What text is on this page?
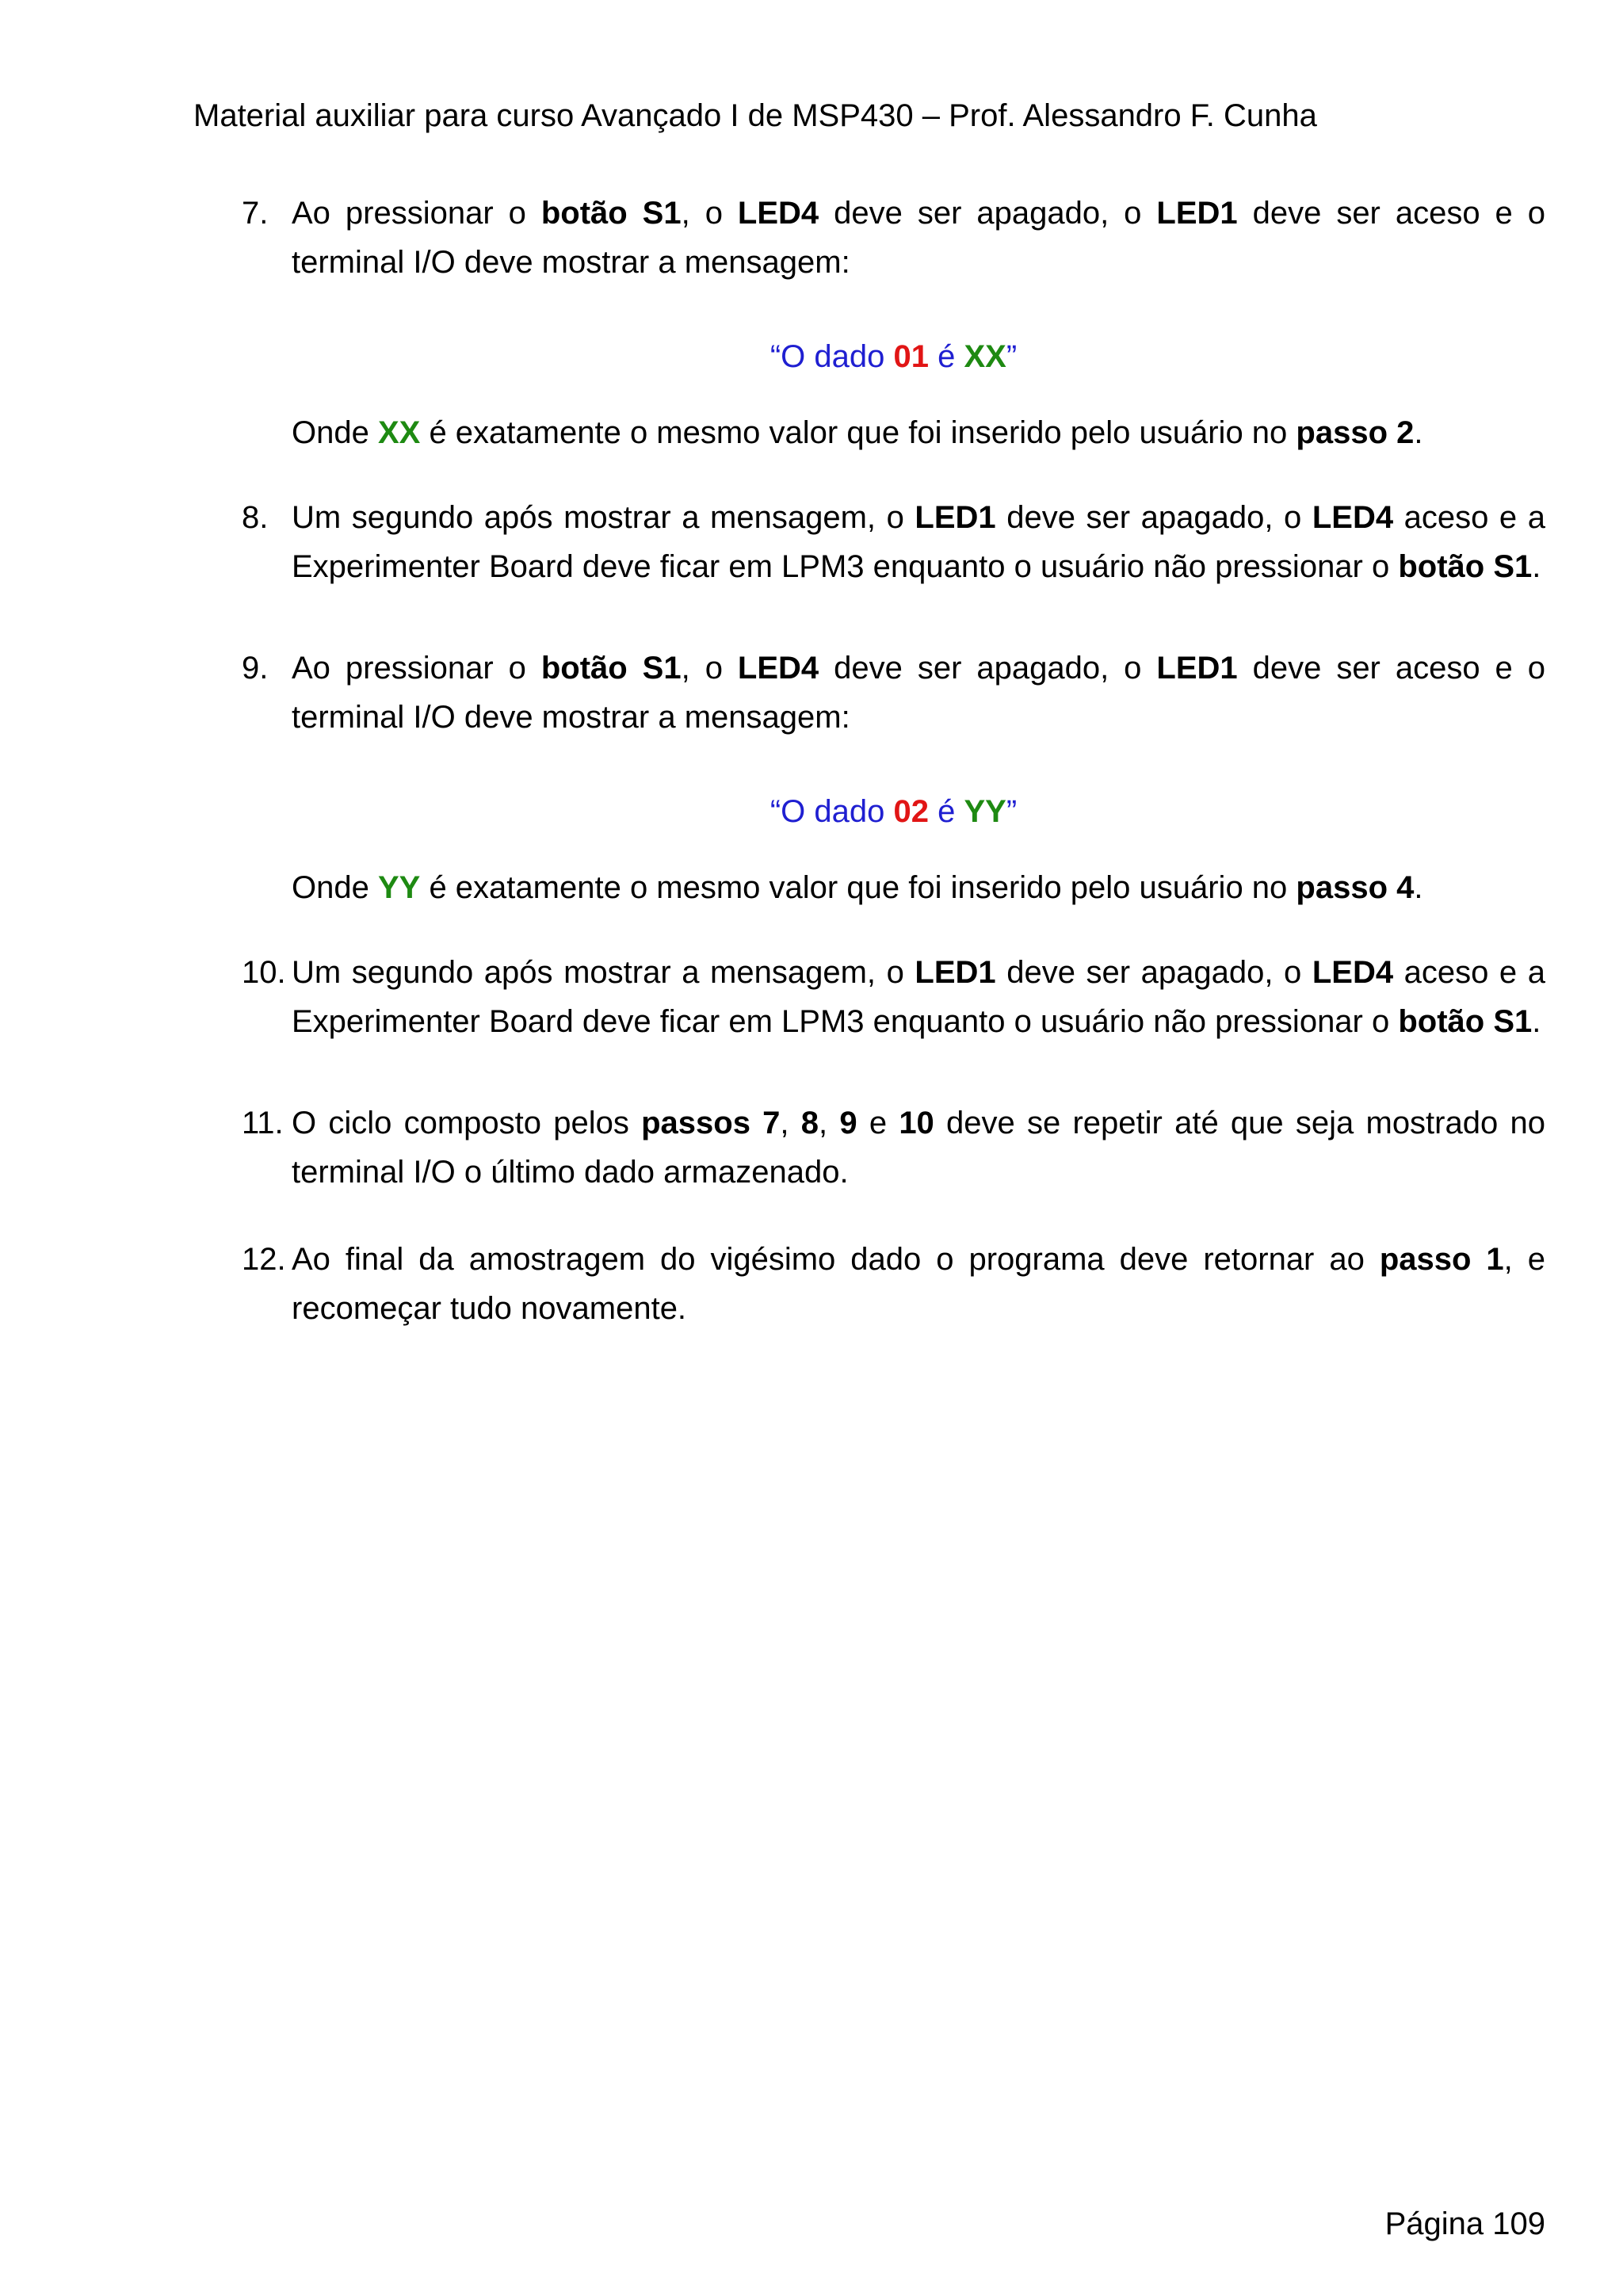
Material auxiliar para curso Avançado I de MSP430 – Prof. Alessandro F. Cunha
7. Ao pressionar o botão S1, o LED4 deve ser apagado, o LED1 deve ser aceso e o terminal I/O deve mostrar a mensagem:

“O dado 01 é XX”
Onde XX é exatamente o mesmo valor que foi inserido pelo usuário no passo 2.
8. Um segundo após mostrar a mensagem, o LED1 deve ser apagado, o LED4 aceso e a Experimenter Board deve ficar em LPM3 enquanto o usuário não pressionar o botão S1.

9. Ao pressionar o botão S1, o LED4 deve ser apagado, o LED1 deve ser aceso e o terminal I/O deve mostrar a mensagem:

“O dado 02 é YY”
Onde YY é exatamente o mesmo valor que foi inserido pelo usuário no passo 4.
10. Um segundo após mostrar a mensagem, o LED1 deve ser apagado, o LED4 aceso e a Experimenter Board deve ficar em LPM3 enquanto o usuário não pressionar o botão S1.

11. O ciclo composto pelos passos 7, 8, 9 e 10 deve se repetir até que seja mostrado no terminal I/O o último dado armazenado.

12. Ao final da amostragem do vigésimo dado o programa deve retornar ao passo 1, e recomeçar tudo novamente.

Página 109
